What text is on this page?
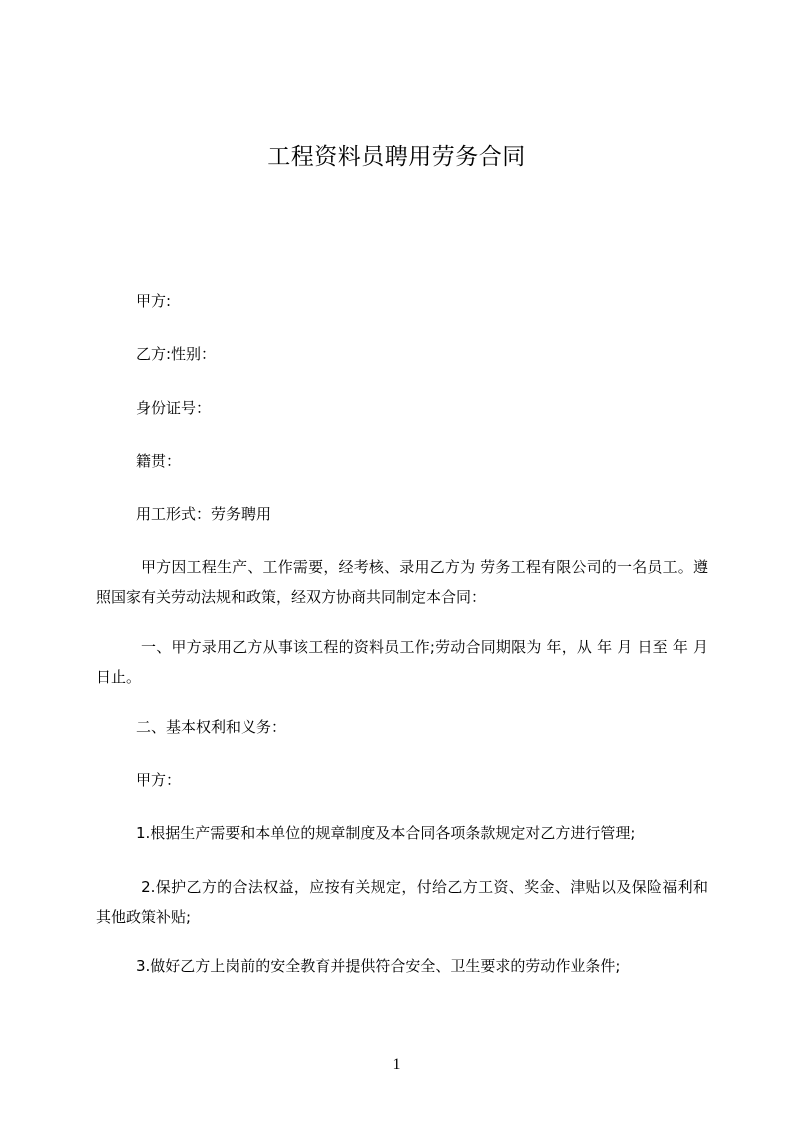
工程资料员聘用劳务合同
甲方:
乙方:性别：
身份证号：
籍贯：
用工形式：劳务聘用
甲方因工程生产、工作需要，经考核、录用乙方为 劳务工程有限公司的一名员工。遵照国家有关劳动法规和政策，经双方协商共同制定本合同：
一、甲方录用乙方从事该工程的资料员工作;劳动合同期限为 年，从 年 月 日至 年 月 日止。
二、基本权利和义务：
甲方：
1.根据生产需要和本单位的规章制度及本合同各项条款规定对乙方进行管理;
2.保护乙方的合法权益，应按有关规定，付给乙方工资、奖金、津贴以及保险福利和其他政策补贴;
3.做好乙方上岗前的安全教育并提供符合安全、卫生要求的劳动作业条件;
1
